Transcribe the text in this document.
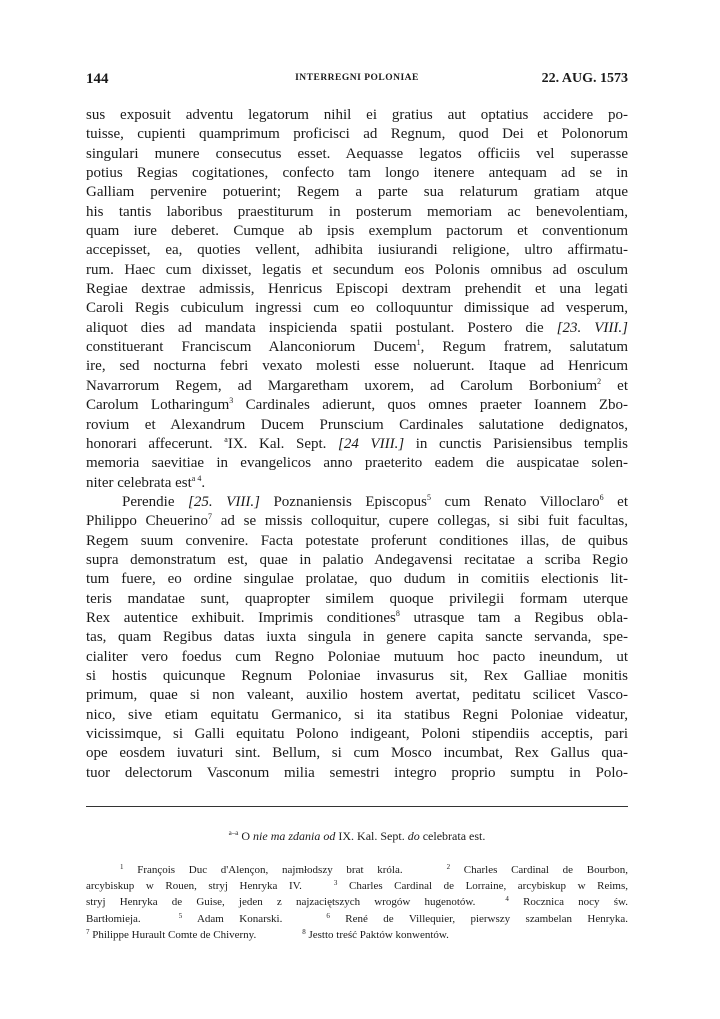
144	INTERREGNI POLONIAE	22. AUG. 1573
sus exposuit adventu legatorum nihil ei gratius aut optatius accidere po-
tuisse, cupienti quamprimum proficisci ad Regnum, quod Dei et Polonorum
singulari munere consecutus esset. Aequasse legatos officiis vel superasse
potius Regias cogitationes, confecto tam longo itenere antequam ad se in
Galliam pervenire potuerint; Regem a parte sua relaturum gratiam atque
his tantis laboribus praestiturum in posterum memoriam ac benevolentiam,
quam iure deberet. Cumque ab ipsis exemplum pactorum et conventionum
accepisset, ea, quoties vellent, adhibita iusiurandi religione, ultro affirmatu-
rum. Haec cum dixisset, legatis et secundum eos Polonis omnibus ad osculum
Regiae dextrae admissis, Henricus Episcopi dextram prehendit et una legati
Caroli Regis cubiculum ingressi cum eo colloquuntur dimissique ad vesperum,
aliquot dies ad mandata inspicienda spatii postulant. Postero die [23. VIII.]
constituerant Franciscum Alanconiorum Ducem$^1$, Regum fratrem, salutatum
ire, sed nocturna febri vexato molesti esse noluerunt. Itaque ad Henricum
Navarrorum Regem, ad Margaretham uxorem, ad Carolum Borbonium$^2$ et
Carolum Lotharingum$^3$ Cardinales adierunt, quos omnes praeter Ioannem Zbo-
rovium et Alexandrum Ducem Prunscium Cardinales salutatione dedignatos,
honorari affecerunt. $^a$IX. Kal. Sept. [24 VIII.] in cunctis Parisiensibus templis
memoria saevitiae in evangelicos anno praeterito eadem die auspicatae solen-
niter celebrata est$^{a 4}$.
Perendie [25. VIII.] Poznaniensis Episcopus$^5$ cum Renato Villoclaro$^6$ et
Philippo Cheuerino$^7$ ad se missis colloquitur, cupere collegas, si sibi fuit facultas,
Regem suum convenire. Facta potestate proferunt conditiones illas, de quibus
supra demonstratum est, quae in palatio Andegavensi recitatae a scriba Regio
tum fuere, eo ordine singulae prolatae, quo dudum in comitiis electionis lit-
teris mandatae sunt, quapropter similem quoque privilegii formam uterque
Rex autentice exhibuit. Imprimis conditiones$^8$ utrasque tam a Regibus obla-
tas, quam Regibus datas iuxta singula in genere capita sancte servanda, spe-
cialiter vero foedus cum Regno Poloniae mutuum hoc pacto ineundum, ut
si hostis quicunque Regnum Poloniae invasurus sit, Rex Galliae monitis
primum, quae si non valeant, auxilio hostem avertat, peditatu scilicet Vasco-
nico, sive etiam equitatu Germanico, si ita statibus Regni Poloniae videatur,
vicissimque, si Galli equitatu Polono indigeant, Poloni stipendiis acceptis, pari
ope eosdem iuvaturi sint. Bellum, si cum Mosco incumbat, Rex Gallus qua-
tuor delectorum Vasconum milia semestri integro proprio sumptu in Polo-
$^{a-a}$ O nie ma zdania od IX. Kal. Sept. do celebrata est.
$^1$ François Duc d'Alençon, najmłodszy brat króla.	$^2$ Charles Cardinal de Bourbon,
arcybiskup w Rouen, stryj Henryka IV.	$^3$ Charles Cardinal de Lorraine, arcybiskup w Reims,
stryj Henryka de Guise, jeden z najzaciętszych wrogów hugenotów.	$^4$ Rocznica nocy św.
Bartłomieja.	$^5$ Adam Konarski.	$^6$ René de Villequier, pierwszy szambelan Henryka.
$^7$ Philippe Hurault Comte de Chiverny.	$^8$ Jestto treść Paktów konwentów.
